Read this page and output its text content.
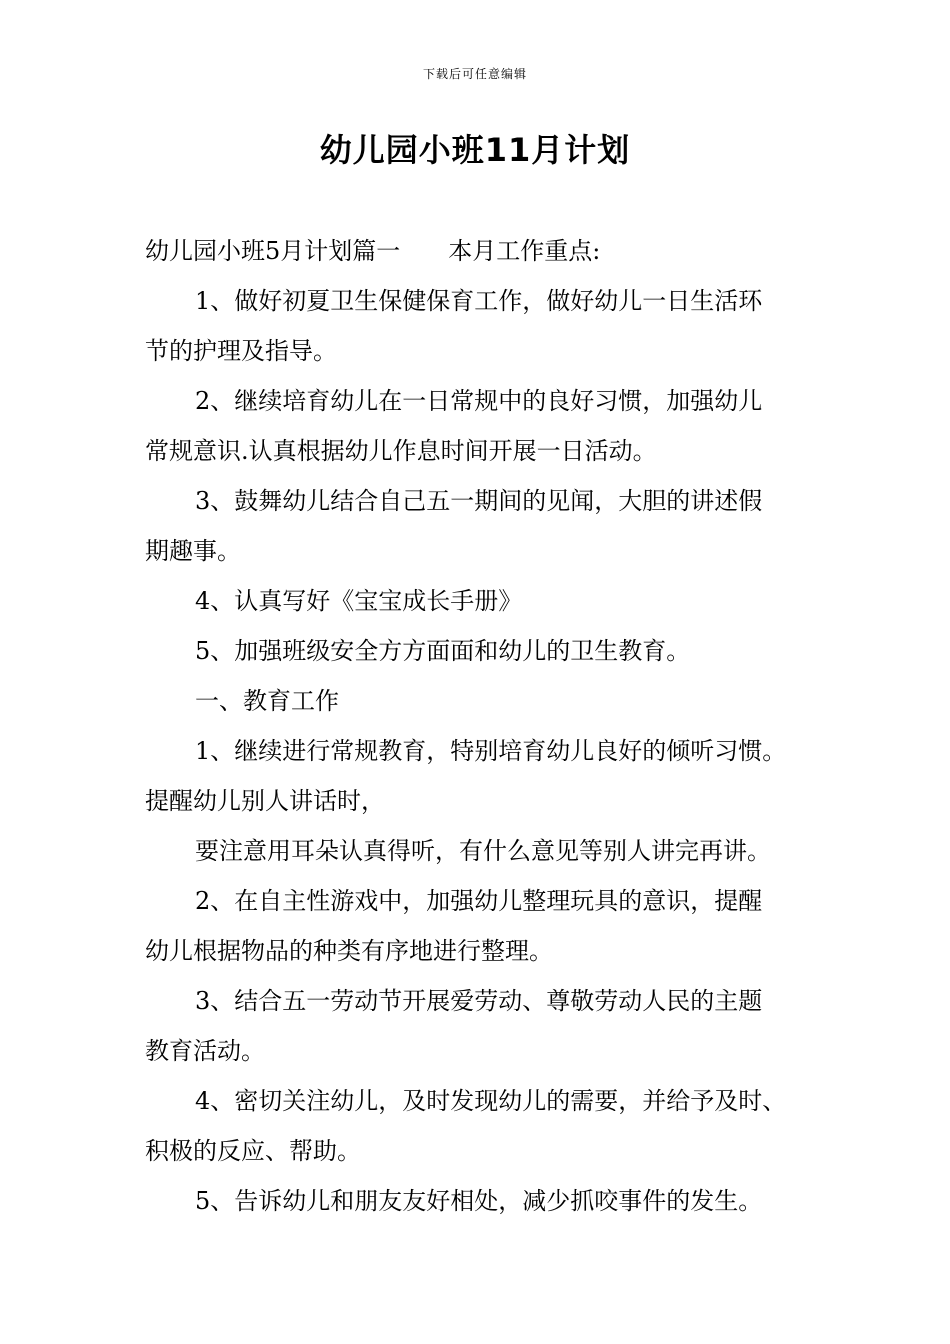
下载后可任意编辑
幼儿园小班11月计划

幼儿园小班5月计划篇一 本月工作重点:

1、做好初夏卫生保健保育工作，做好幼儿一日生活环

节的护理及指导。

2、继续培育幼儿在一日常规中的良好习惯，加强幼儿

常规意识.认真根据幼儿作息时间开展一日活动。

3、鼓舞幼儿结合自己五一期间的见闻，大胆的讲述假

期趣事。

4、认真写好《宝宝成长手册》

5、加强班级安全方方面面和幼儿的卫生教育。

一、教育工作

1、继续进行常规教育，特别培育幼儿良好的倾听习惯。

提醒幼儿别人讲话时，

要注意用耳朵认真得听，有什么意见等别人讲完再讲。

2、在自主性游戏中，加强幼儿整理玩具的意识，提醒

幼儿根据物品的种类有序地进行整理。

3、结合五一劳动节开展爱劳动、尊敬劳动人民的主题

教育活动。

4、密切关注幼儿，及时发现幼儿的需要，并给予及时、

积极的反应、帮助。

5、告诉幼儿和朋友友好相处，减少抓咬事件的发生。
